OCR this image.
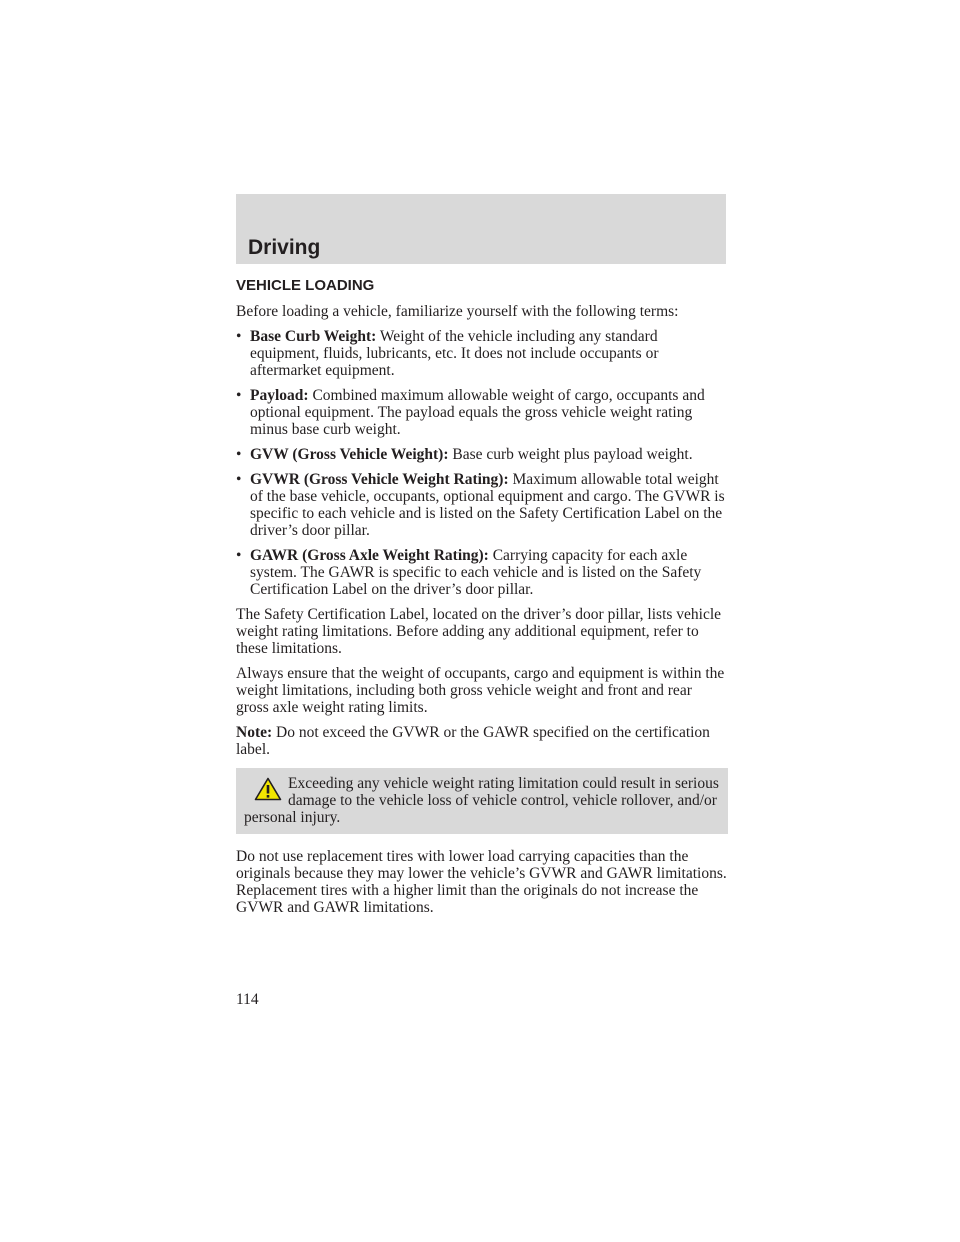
Driving
VEHICLE LOADING

Before loading a vehicle, familiarize yourself with the following terms:

• Base Curb Weight: Weight of the vehicle including any standard equipment, fluids, lubricants, etc. It does not include occupants or aftermarket equipment.
• Payload: Combined maximum allowable weight of cargo, occupants and optional equipment. The payload equals the gross vehicle weight rating minus base curb weight.
• GVW (Gross Vehicle Weight): Base curb weight plus payload weight.
• GVWR (Gross Vehicle Weight Rating): Maximum allowable total weight of the base vehicle, occupants, optional equipment and cargo. The GVWR is specific to each vehicle and is listed on the Safety Certification Label on the driver’s door pillar.
• GAWR (Gross Axle Weight Rating): Carrying capacity for each axle system. The GAWR is specific to each vehicle and is listed on the Safety Certification Label on the driver’s door pillar.

The Safety Certification Label, located on the driver’s door pillar, lists vehicle weight rating limitations. Before adding any additional equipment, refer to these limitations.

Always ensure that the weight of occupants, cargo and equipment is within the weight limitations, including both gross vehicle weight and front and rear gross axle weight rating limits.

Note: Do not exceed the GVWR or the GAWR specified on the certification label.

Exceeding any vehicle weight rating limitation could result in serious damage to the vehicle loss of vehicle control, vehicle rollover, and/or personal injury.

Do not use replacement tires with lower load carrying capacities than the originals because they may lower the vehicle’s GVWR and GAWR limitations. Replacement tires with a higher limit than the originals do not increase the GVWR and GAWR limitations.

114
